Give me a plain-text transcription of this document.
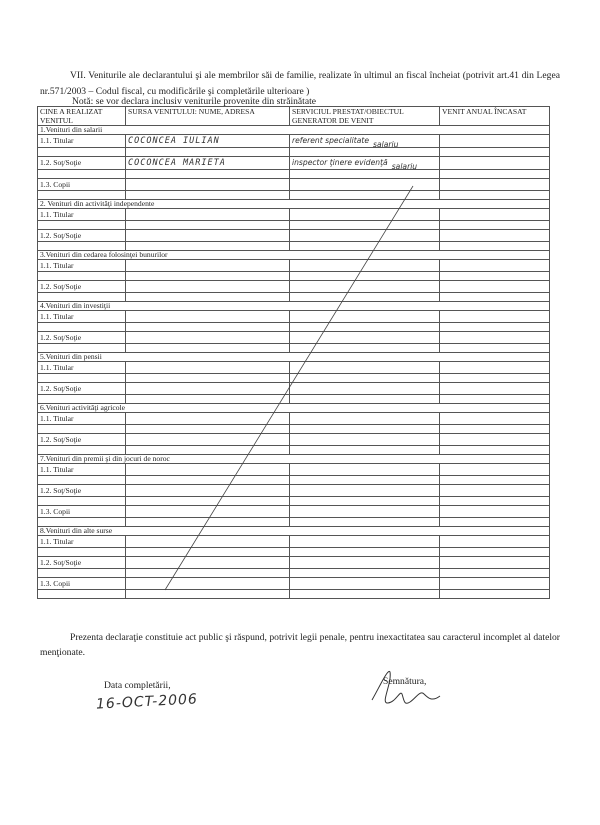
VII. Veniturile ale declarantului şi ale membrilor săi de familie, realizate în ultimul an fiscal încheiat (potrivit art.41 din Legea nr.571/2003 – Codul fiscal, cu modificările şi completările ulterioare )
Notă: se vor declara inclusiv veniturile provenite din străinătate
CINE A REALIZAT VENITUL	SURSA VENITULUI: NUME, ADRESA	SERVICIUL PRESTAT/OBIECTUL GENERATOR DE VENIT	VENIT ANUAL ÎNCASAT
1.Venituri din salarii			
1.1. Titular	COCONCEA IULIAN	referent specialitate salariu	

1.2. Soţ/Soţie	COCONCEA MARIETA	inspector ţinere evidenţă salariu	

1.3. Copii			

2. Venituri din activităţi independente			
1.1. Titular			

1.2. Soţ/Soţie			

3.Venituri din cedarea folosinţei bunurilor			
1.1. Titular			

1.2. Soţ/Soţie			

4.Venituri din investiţii			
1.1. Titular			

1.2. Soţ/Soţie			

5.Venituri din pensii			
1.1. Titular			

1.2. Soţ/Soţie			

6.Venituri activităţi agricole			
1.1. Titular			

1.2. Soţ/Soţie			

7.Venituri din premii şi din jocuri de noroc			
1.1. Titular			

1.2. Soţ/Soţie			

1.3. Copii			

8.Venituri din alte surse			
1.1. Titular			

1.2. Soţ/Soţie			

1.3. Copii			

Prezenta declaraţie constituie act public şi răspund, potrivit legii penale, pentru inexactitatea sau caracterul incomplet al datelor menţionate.
Data completării,
16-OCT-2006
Semnătura,
